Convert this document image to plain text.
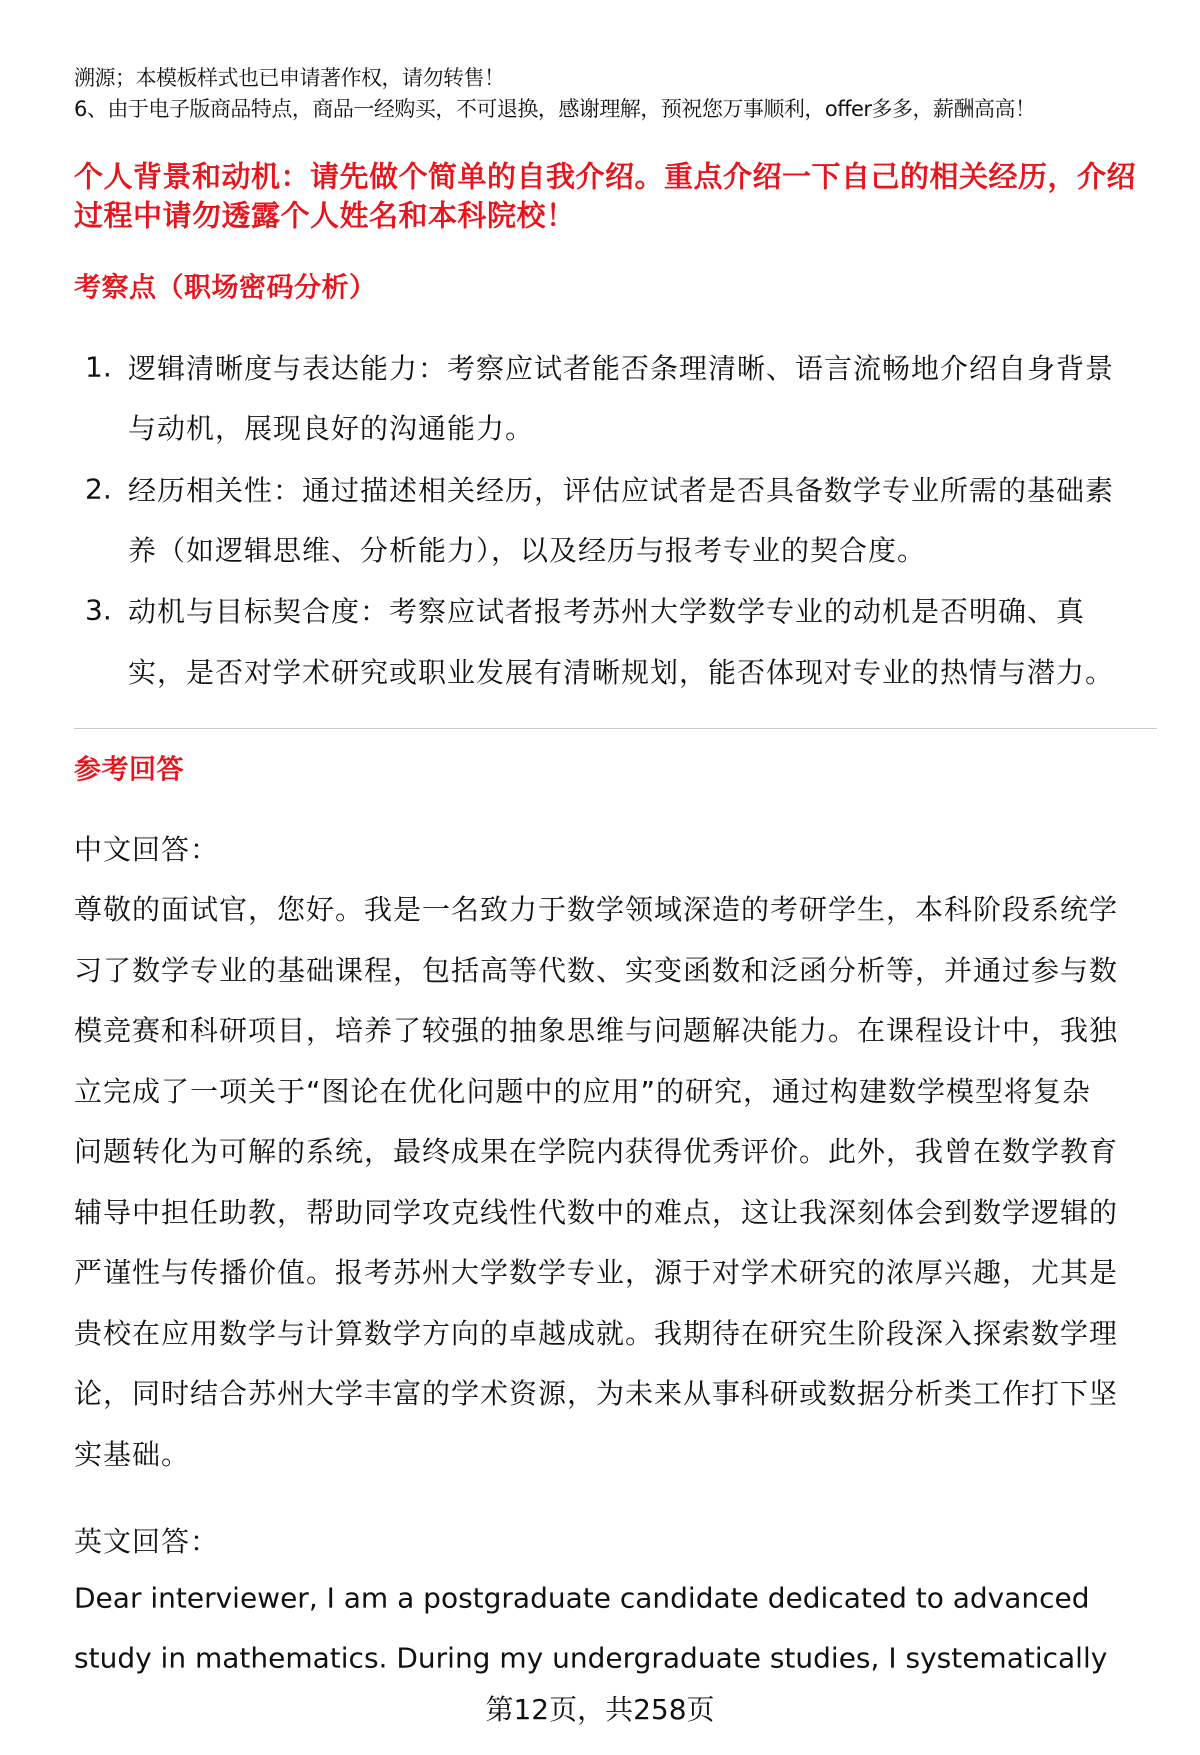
溯源；本模板样式也已申请著作权，请勿转售！
6、由于电子版商品特点，商品一经购买，不可退换，感谢理解，预祝您万事顺利，offer多多，薪酬高高！
个人背景和动机：请先做个简单的自我介绍。重点介绍一下自己的相关经历，介绍
过程中请勿透露个人姓名和本科院校！
考察点（职场密码分析）
1. 逻辑清晰度与表达能力：考察应试者能否条理清晰、语言流畅地介绍自身背景
与动机，展现良好的沟通能力。
2. 经历相关性：通过描述相关经历，评估应试者是否具备数学专业所需的基础素
养（如逻辑思维、分析能力），以及经历与报考专业的契合度。
3. 动机与目标契合度：考察应试者报考苏州大学数学专业的动机是否明确、真
实，是否对学术研究或职业发展有清晰规划，能否体现对专业的热情与潜力。
参考回答
中文回答：
尊敬的面试官，您好。我是一名致力于数学领域深造的考研学生，本科阶段系统学
习了数学专业的基础课程，包括高等代数、实变函数和泛函分析等，并通过参与数
模竞赛和科研项目，培养了较强的抽象思维与问题解决能力。在课程设计中，我独
立完成了一项关于“图论在优化问题中的应用”的研究，通过构建数学模型将复杂
问题转化为可解的系统，最终成果在学院内获得优秀评价。此外，我曾在数学教育
辅导中担任助教，帮助同学攻克线性代数中的难点，这让我深刻体会到数学逻辑的
严谨性与传播价值。报考苏州大学数学专业，源于对学术研究的浓厚兴趣，尤其是
贵校在应用数学与计算数学方向的卓越成就。我期待在研究生阶段深入探索数学理
论，同时结合苏州大学丰富的学术资源，为未来从事科研或数据分析类工作打下坚
实基础。
英文回答：
Dear interviewer, I am a postgraduate candidate dedicated to advanced
study in mathematics. During my undergraduate studies, I systematically
第12页，共258页
